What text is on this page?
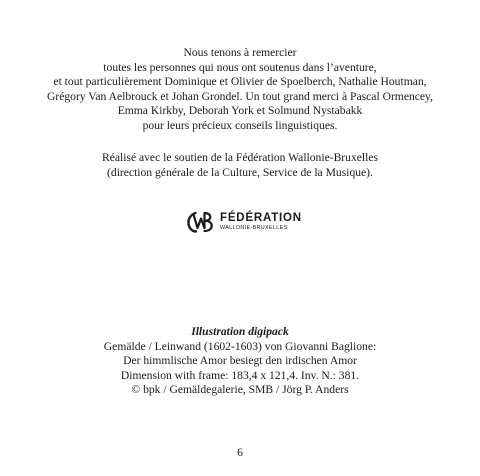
Nous tenons à remercier
toutes les personnes qui nous ont soutenus dans l’aventure,
et tout particulièrement Dominique et Olivier de Spoelberch, Nathalie Houtman,
Grégory Van Aelbrouck et Johan Grondel. Un tout grand merci à Pascal Ormencey,
Emma Kirkby, Deborah York et Solmund Nystabakk
pour leurs précieux conseils linguistiques.
Réalisé avec le soutien de la Fédération Wallonie-Bruxelles
(direction générale de la Culture, Service de la Musique).
FÉDÉRATION
WALLONIE-BRUXELLES
Illustration digipack
Gemälde / Leinwand (1602-1603) von Giovanni Baglione:
Der himmlische Amor besiegt den irdischen Amor
Dimension with frame: 183,4 x 121,4. Inv. N.: 381.
© bpk / Gemäldegalerie, SMB / Jörg P. Anders
6
